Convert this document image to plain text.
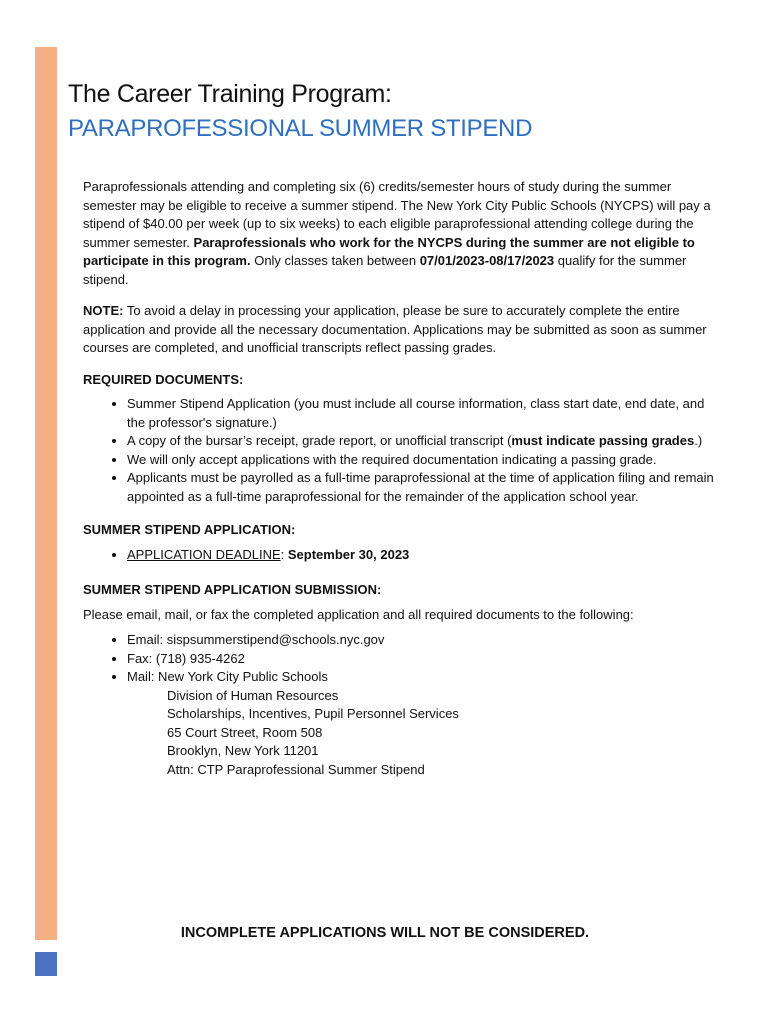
The Career Training Program:
PARAPROFESSIONAL SUMMER STIPEND

Paraprofessionals attending and completing six (6) credits/semester hours of study during the summer semester may be eligible to receive a summer stipend. The New York City Public Schools (NYCPS) will pay a stipend of $40.00 per week (up to six weeks) to each eligible paraprofessional attending college during the summer semester. Paraprofessionals who work for the NYCPS during the summer are not eligible to participate in this program. Only classes taken between 07/01/2023-08/17/2023 qualify for the summer stipend.

NOTE: To avoid a delay in processing your application, please be sure to accurately complete the entire application and provide all the necessary documentation. Applications may be submitted as soon as summer courses are completed, and unofficial transcripts reflect passing grades.

REQUIRED DOCUMENTS:

• Summer Stipend Application (you must include all course information, class start date, end date, and the professor's signature.)
• A copy of the bursar’s receipt, grade report, or unofficial transcript (must indicate passing grades.)
• We will only accept applications with the required documentation indicating a passing grade.
• Applicants must be payrolled as a full-time paraprofessional at the time of application filing and remain appointed as a full-time paraprofessional for the remainder of the application school year.

SUMMER STIPEND APPLICATION:

• APPLICATION DEADLINE: September 30, 2023

SUMMER STIPEND APPLICATION SUBMISSION:

Please email, mail, or fax the completed application and all required documents to the following:

• Email: sispsummerstipend@schools.nyc.gov
• Fax: (718) 935-4262
• Mail: New York City Public Schools
Division of Human Resources
Scholarships, Incentives, Pupil Personnel Services
65 Court Street, Room 508
Brooklyn, New York 11201
Attn: CTP Paraprofessional Summer Stipend
INCOMPLETE APPLICATIONS WILL NOT BE CONSIDERED.
